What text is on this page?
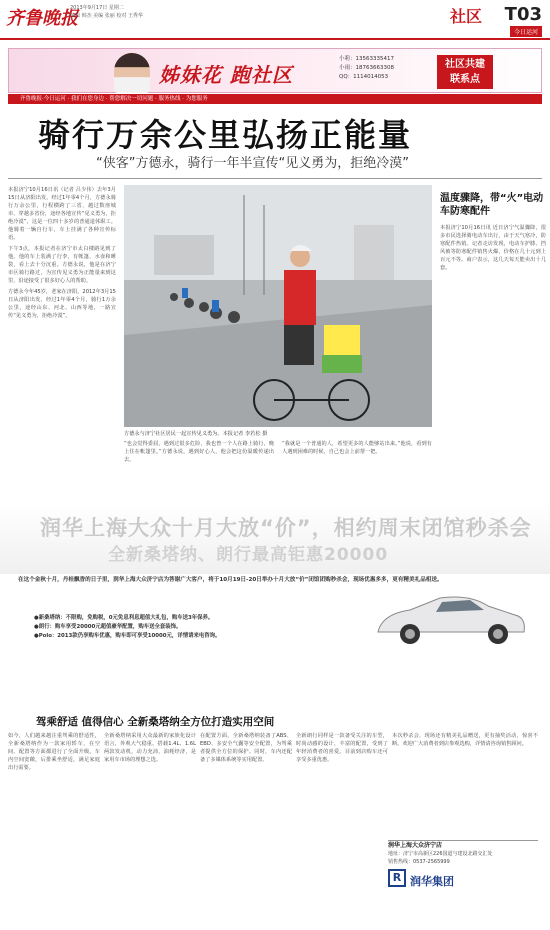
齐鲁晚报
2013年9月17日 星期二
编辑 韩杰 美编 张丽 校对 王秀华	社区 T03
今日运河
姊妹花 跑社区
小莉：13563335417
小雨：18763663308
QQ：1114014053
社区共建
联系点
齐鲁晚报·今日运河 · 我们在您身边 · 帮您解决一切问题 · 服务热线 · 为您服务
骑行万余公里弘扬正能量
“侠客”方德永，骑行一年半宣传“见义勇为，拒绝冷漠”
本报济宁10月16日讯（记者 吕少伟）去年3月15日从济阳出发，经过1年零4个月，方德永骑行万余公里，行程横跨了三省、越过数座城市、穿越多省份，途经各地宣传“见义勇为，拒绝冷漠”，这是一位四十多岁的普通退休职工。他骑着一辆自行车，车上挂满了各种宣传标语。
下午3点，本报记者在济宁市太白楼路见到了他。他的车上装满了行李，有帐篷、水壶和睡袋，看上去十分沉重。方德永说，他是在济宁市区骑行路过，为宣传见义勇为正能量来到这里，沿途接受了很多好心人的帮助。
方德永今年45岁，老家在济阳。2012年3月15日从济阳出发，经过1年零4个月，骑行1万余公里，途经山东、河北、山西等地，一路宣传“见义勇为，拒绝冷漠”。
方德永与济宁社区居民一起宣传见义勇为。本报记者 李若松 摄
“也会觉得委屈，遇到过很多危险，我也曾一个人在路上骑行，晚上住在帐篷里。”方德永说，遇到好心人，他会把这份温暖传递出去。
“我就是一个普通的人，希望更多的人能够站出来。”他说，看到有人遇到困难的时候，自己也会上前帮一把。
温度骤降，带“火”电动车防寒配件
本报济宁10月16日讯 近日济宁气温骤降，很多市民选择骑电动车出行，由于天气寒冷，防寒配件热销。记者走访发现，电动车护膝、挡风被等防寒配件销售火爆，价格在几十元到上百元不等。商户表示，这几天每天能卖出十几套。
润华上海大众十月大放“价”，相约周末闭馆秒杀会
全新桑塔纳、朗行最高钜惠20000
在这个金秋十月，丹桂飘香的日子里，润华上海大众济宁店为答谢广大客户，将于10月19日-20日举办十月大放“价”闭馆团购秒杀会，现场优惠多多，更有精美礼品相送。

●新桑塔纳：不限购，免购税，0元免息利息超值大礼包，购车送3年保养。

●朗行：购车享受20000元超值豪华配置，购车送全套装饰。

●Polo：2013款仍享购车优惠，购车即可享受10000元，详情请来电咨询。

驾乘舒适 值得信心 全新桑塔纳全方位打造实用空间
如今，人们越来越注重驾乘的舒适性，全新桑塔纳作为一款家用轿车，在空间、配置等方面都进行了全面升级。车内空间宽敞，后排乘坐舒适，满足家庭出行需要。
全新桑塔纳采用大众最新的家族化设计语言，外观大气稳重。搭载1.4L、1.6L两款发动机，动力充沛，油耗经济，是家用车市场的理想之选。
在配置方面，全新桑塔纳装备了ABS、EBD、多安全气囊等安全配置，为驾乘者提供全方位的保护。同时，车内还配备了多媒体系统等实用配置。
全新朗行同样是一款备受关注的车型，时尚动感的设计，丰富的配置，受到了年轻消费者的喜爱。目前到店购车还可享受多重优惠。
本次秒杀会，现场还有精美礼品赠送，更有抽奖活动，惊喜不断。欢迎广大消费者到店参观选购，详情请咨询销售顾问。
润华上海大众济宁店
地址：济宁市高新区226国道与建设北路交汇处
销售热线：0537-2565999
R 润华集团
